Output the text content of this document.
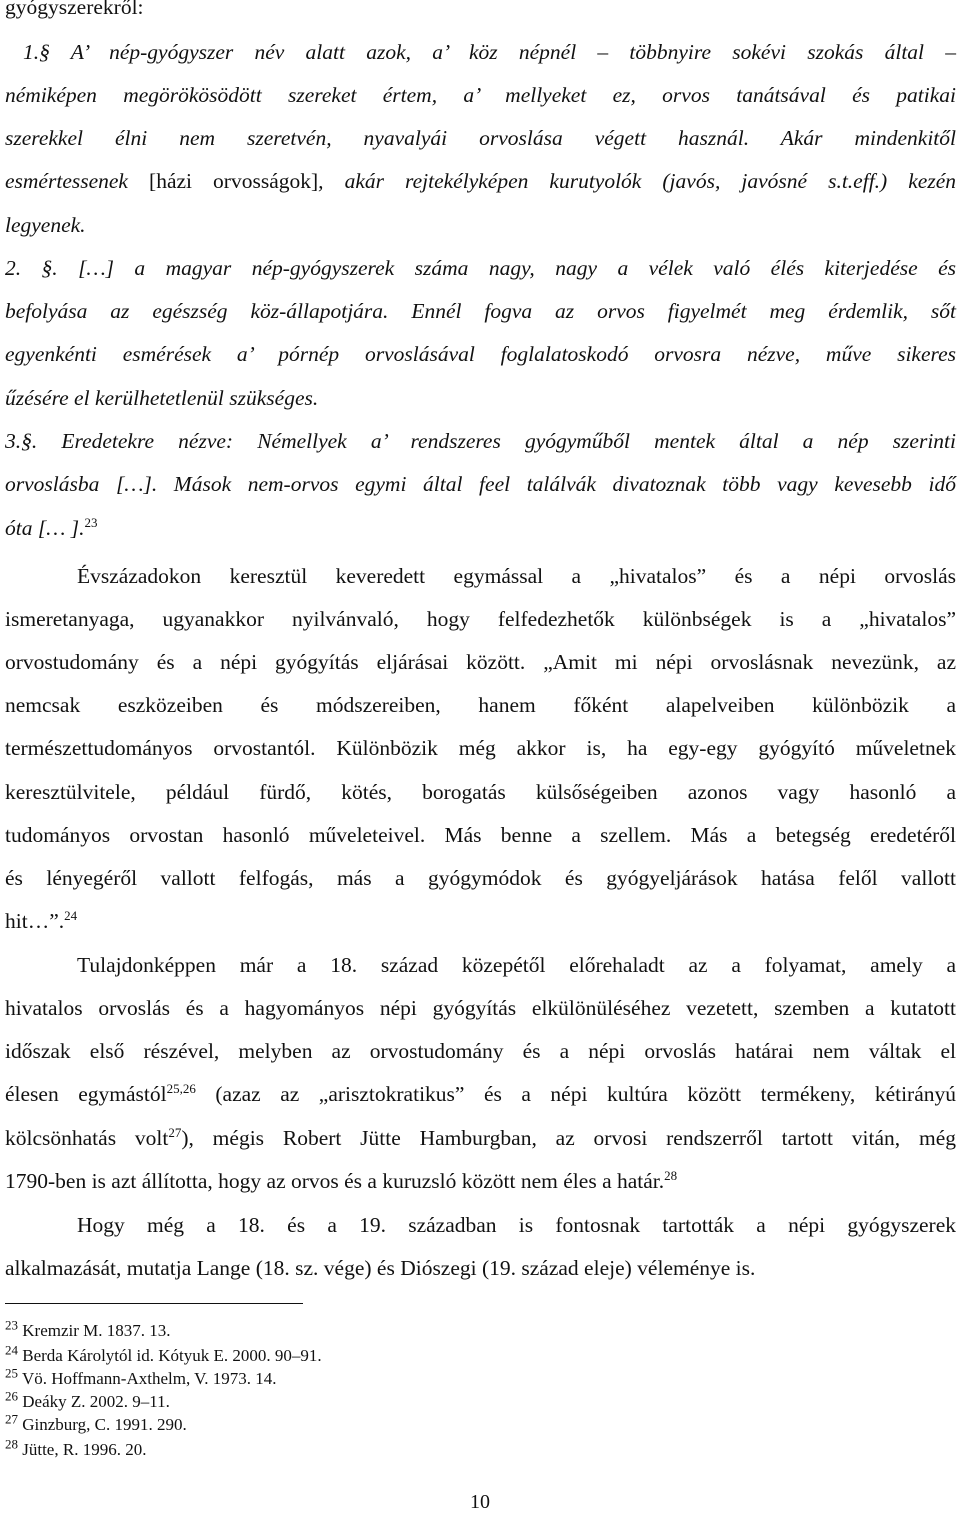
gyógyszerekről:
1.§ A’ nép-gyógyszer név alatt azok, a’ köz népnél – többnyire sokévi szokás által –
némiképen megörökösödött szereket értem, a’ mellyeket ez, orvos tanátsával és patikai
szerekkel élni nem szeretvén, nyavalyái orvoslása végett használ. Akár mindenkitől
esmértessenek [házi orvosságok], akár rejtekélyképen kurutyolók (javós, javósné s.t.eff.) kezén
legyenek.
2. §. […] a magyar nép-gyógyszerek száma nagy, nagy a vélek való élés kiterjedése és
befolyása az egészség köz-állapotjára. Ennél fogva az orvos figyelmét meg érdemlik, sőt
egyenkénti esmérések a’ pórnép orvoslásával foglalatoskodó orvosra nézve, műve sikeres
űzésére el kerülhetetlenül szükséges.
3.§. Eredetekre nézve: Némellyek a’ rendszeres gyógyműből mentek által a nép szerinti
orvoslásba […]. Mások nem-orvos egymi által feel találvák divatoznak több vagy kevesebb idő
óta [… ].$^{23}$
Évszázadokon keresztül keveredett egymással a „hivatalos” és a népi orvoslás
ismeretanyaga, ugyanakkor nyilvánvaló, hogy felfedezhetők különbségek is a „hivatalos”
orvostudomány és a népi gyógyítás eljárásai között. „Amit mi népi orvoslásnak nevezünk, az
nemcsak eszközeiben és módszereiben, hanem főként alapelveiben különbözik a
természettudományos orvostantól. Különbözik még akkor is, ha egy-egy gyógyító műveletnek
keresztülvitele, például fürdő, kötés, borogatás külsőségeiben azonos vagy hasonló a
tudományos orvostan hasonló műveleteivel. Más benne a szellem. Más a betegség eredetéről
és lényegéről vallott felfogás, más a gyógymódok és gyógyeljárások hatása felől vallott
hit…”.$^{24}$
Tulajdonképpen már a 18. század közepétől előrehaladt az a folyamat, amely a
hivatalos orvoslás és a hagyományos népi gyógyítás elkülönüléséhez vezetett, szemben a kutatott
időszak első részével, melyben az orvostudomány és a népi orvoslás határai nem váltak el
élesen egymástól$^{25,26}$ (azaz az „arisztokratikus” és a népi kultúra között termékeny, kétirányú
kölcsönhatás volt$^{27}$), mégis Robert Jütte Hamburgban, az orvosi rendszerről tartott vitán, még
1790-ben is azt állította, hogy az orvos és a kuruzsló között nem éles a határ.$^{28}$
Hogy még a 18. és a 19. században is fontosnak tartották a népi gyógyszerek
alkalmazását, mutatja Lange (18. sz. vége) és Diószegi (19. század eleje) véleménye is.
$^{23}$ Kremzir M. 1837. 13.
$^{24}$ Berda Károlytól id. Kótyuk E. 2000. 90–91.
$^{25}$ Vö. Hoffmann-Axthelm, V. 1973. 14.
$^{26}$ Deáky Z. 2002. 9–11.
$^{27}$ Ginzburg, C. 1991. 290.
$^{28}$ Jütte, R. 1996. 20.
10
